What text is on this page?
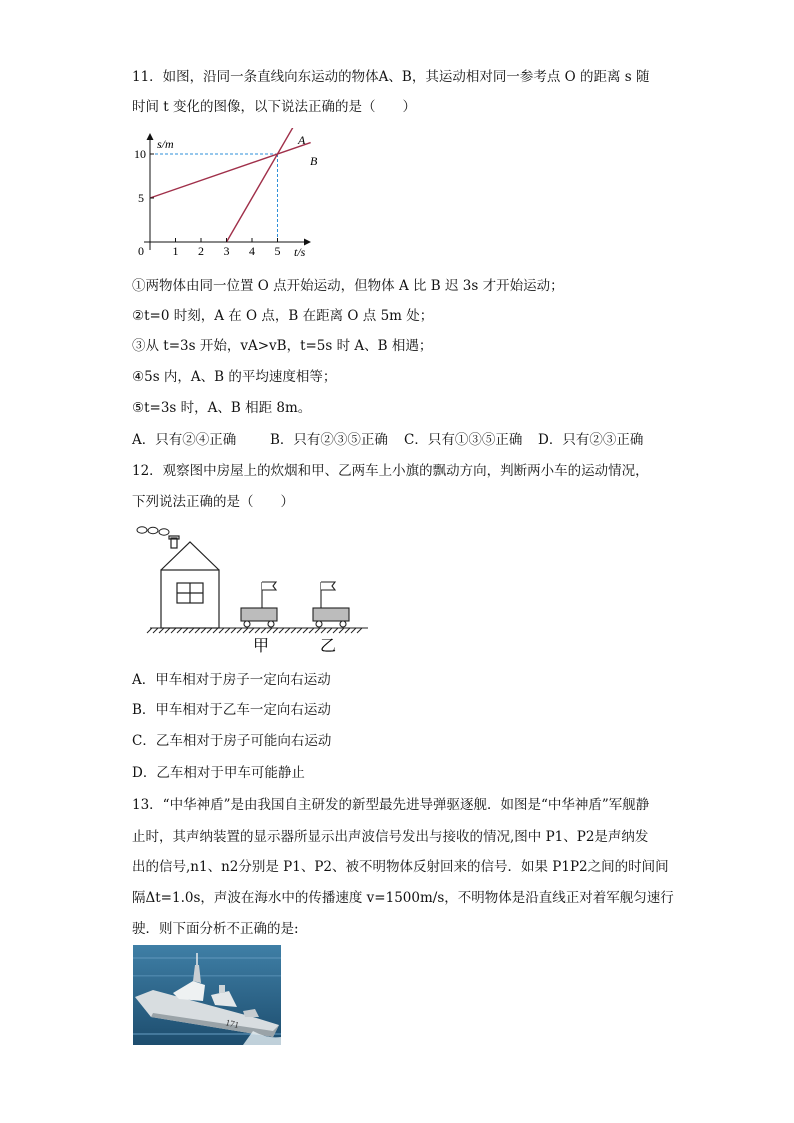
11．如图，沿同一条直线向东运动的物体A、B，其运动相对同一参考点 O 的距离 s 随
时间 t 变化的图像，以下说法正确的是（　　）
0 1 2 3 4 5
5
10
s/m
t/s
A
B
①两物体由同一位置 O 点开始运动，但物体 A 比 B 迟 3s 才开始运动；
②t=0 时刻，A 在 O 点，B 在距离 O 点 5m 处；
③从 t=3s 开始，vA>vB，t=5s 时 A、B 相遇；
④5s 内，A、B 的平均速度相等；
⑤t=3s 时，A、B 相距 8m。
A．只有②④正确	B．只有②③⑤正确 C．只有①③⑤正确 D．只有②③正确
12．观察图中房屋上的炊烟和甲、乙两车上小旗的飘动方向，判断两小车的运动情况，
下列说法正确的是（　　）
甲	乙
A．甲车相对于房子一定向右运动
B．甲车相对于乙车一定向右运动
C．乙车相对于房子可能向右运动
D．乙车相对于甲车可能静止
13．“中华神盾”是由我国自主研发的新型最先进导弹驱逐舰．如图是“中华神盾”军舰静
止时，其声纳装置的显示器所显示出声波信号发出与接收的情况,图中 P1、P2是声纳发
出的信号,n1、n2分别是 P1、P2、被不明物体反射回来的信号．如果 P1P2之间的时间间
隔Δt=1.0s，声波在海水中的传播速度 v=1500m/s，不明物体是沿直线正对着军舰匀速行
驶．则下面分析不正确的是:
171
